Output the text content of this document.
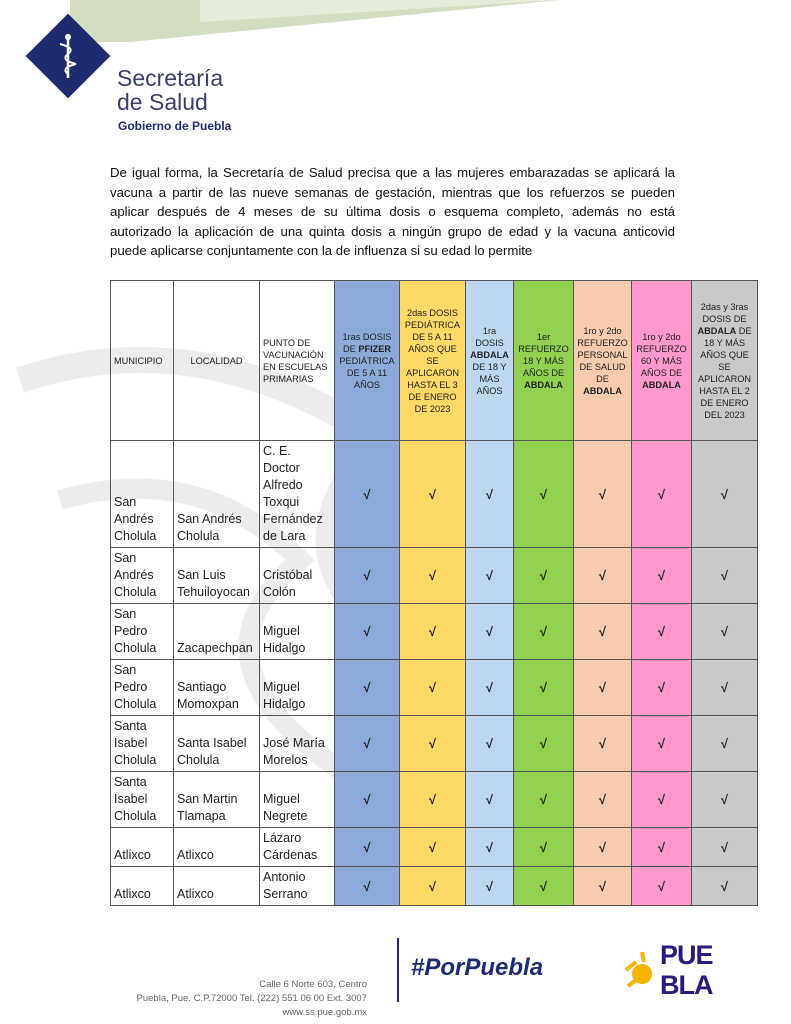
Secretaría
de Salud
Gobierno de Puebla

De igual forma, la Secretaría de Salud precisa que a las mujeres embarazadas se aplicará la vacuna a partir de las nueve semanas de gestación, mientras que los refuerzos se pueden aplicar después de 4 meses de su última dosis o esquema completo, además no está autorizado la aplicación de una quinta dosis a ningún grupo de edad y la vacuna anticovid puede aplicarse conjuntamente con la de influenza si su edad lo permite

MUNICIPIO	LOCALIDAD	PUNTO DE VACUNACIÓN EN ESCUELAS PRIMARIAS	1ras DOSIS DE PFIZER PEDIÁTRICA DE 5 A 11 AÑOS	2das DOSIS PEDIÁTRICA DE 5 A 11 AÑOS QUE SE APLICARON HASTA EL 3 DE ENERO DE 2023	1ra DOSIS ABDALA DE 18 Y MÁS AÑOS	1er REFUERZO 18 Y MÁS AÑOS DE ABDALA	1ro y 2do REFUERZO PERSONAL DE SALUD DE ABDALA	1ro y 2do REFUERZO 60 Y MÁS AÑOS DE ABDALA	2das y 3ras DOSIS DE ABDALA DE 18 Y MÁS AÑOS QUE SE APLICARON HASTA EL 2 DE ENERO DEL 2023
San Andrés Cholula	San Andrés Cholula	C. E. Doctor Alfredo Toxqui Fernández de Lara	√	√	√	√	√	√	√
San Andrés Cholula	San Luis Tehuiloyocan	Cristóbal Colón	√	√	√	√	√	√	√
San Pedro Cholula	Zacapechpan	Miguel Hidalgo	√	√	√	√	√	√	√
San Pedro Cholula	Santiago Momoxpan	Miguel Hidalgo	√	√	√	√	√	√	√
Santa Isabel Cholula	Santa Isabel Cholula	José María Morelos	√	√	√	√	√	√	√
Santa Isabel Cholula	San Martin Tlamapa	Miguel Negrete	√	√	√	√	√	√	√
Atlixco	Atlixco	Lázaro Cárdenas	√	√	√	√	√	√	√
Atlixco	Atlixco	Antonio Serrano	√	√	√	√	√	√	√
Calle 6 Norte 603, Centro
Puebla, Pue. C.P.72000 Tel. (222) 551 06 00 Ext. 3007
www.ss.pue.gob.mx
#PorPuebla	PUE
BLA
